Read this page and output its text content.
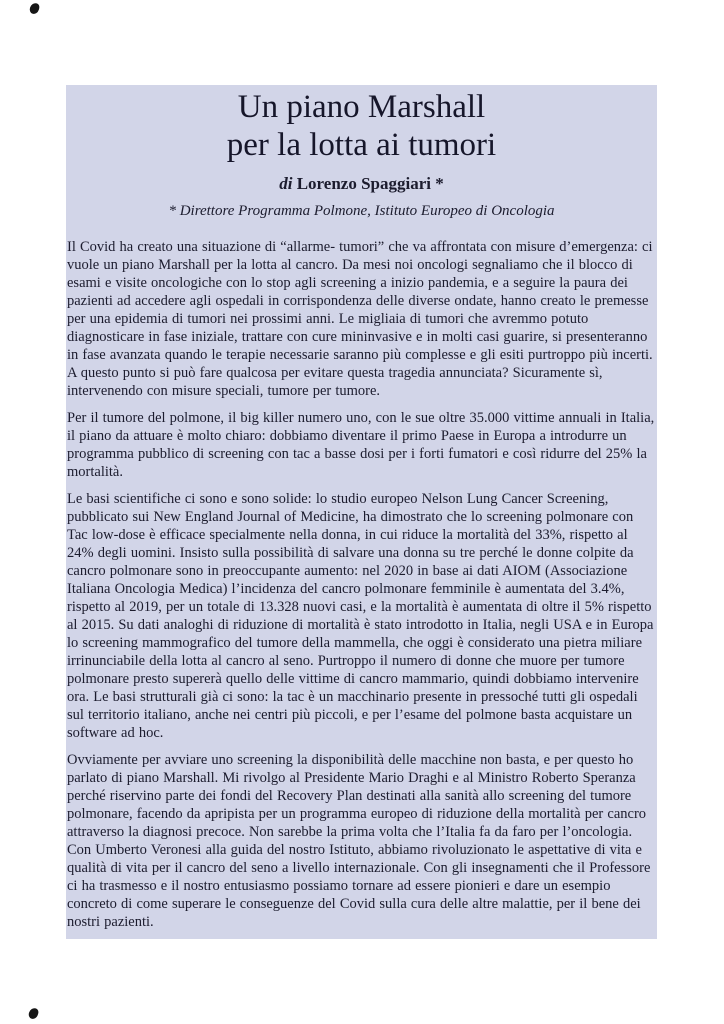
Un piano Marshall
per la lotta ai tumori
di Lorenzo Spaggiari *
* Direttore Programma Polmone, Istituto Europeo di Oncologia

Il Covid ha creato una situazione di “allarme- tumori” che va affrontata con misure d’emergenza: ci vuole un piano Marshall per la lotta al cancro. Da mesi noi oncologi segnaliamo che il blocco di esami e visite oncologiche con lo stop agli screening a inizio pandemia, e a seguire la paura dei pazienti ad accedere agli ospedali in corrispondenza delle diverse ondate, hanno creato le premesse per una epidemia di tumori nei prossimi anni. Le migliaia di tumori che avremmo potuto diagnosticare in fase iniziale, trattare con cure mininvasive e in molti casi guarire, si presenteranno in fase avanzata quando le terapie necessarie saranno più complesse e gli esiti purtroppo più incerti. A questo punto si può fare qualcosa per evitare questa tragedia annunciata? Sicuramente sì, intervenendo con misure speciali, tumore per tumore.

Per il tumore del polmone, il big killer numero uno, con le sue oltre 35.000 vittime annuali in Italia, il piano da attuare è molto chiaro: dobbiamo diventare il primo Paese in Europa a introdurre un programma pubblico di screening con tac a basse dosi per i forti fumatori e così ridurre del 25% la mortalità.

Le basi scientifiche ci sono e sono solide: lo studio europeo Nelson Lung Cancer Screening, pubblicato sui New England Journal of Medicine, ha dimostrato che lo screening polmonare con Tac low-dose è efficace specialmente nella donna, in cui riduce la mortalità del 33%, rispetto al 24% degli uomini. Insisto sulla possibilità di salvare una donna su tre perché le donne colpite da cancro polmonare sono in preoccupante aumento: nel 2020 in base ai dati AIOM (Associazione Italiana Oncologia Medica) l’incidenza del cancro polmonare femminile è aumentata del 3.4%, rispetto al 2019, per un totale di 13.328 nuovi casi, e la mortalità è aumentata di oltre il 5% rispetto al 2015. Su dati analoghi di riduzione di mortalità è stato introdotto in Italia, negli USA e in Europa lo screening mammografico del tumore della mammella, che oggi è considerato una pietra miliare irrinunciabile della lotta al cancro al seno. Purtroppo il numero di donne che muore per tumore polmonare presto supererà quello delle vittime di cancro mammario, quindi dobbiamo intervenire ora. Le basi strutturali già ci sono: la tac è un macchinario presente in pressoché tutti gli ospedali sul territorio italiano, anche nei centri più piccoli, e per l’esame del polmone basta acquistare un software ad hoc.

Ovviamente per avviare uno screening la disponibilità delle macchine non basta, e per questo ho parlato di piano Marshall. Mi rivolgo al Presidente Mario Draghi e al Ministro Roberto Speranza perché riservino parte dei fondi del Recovery Plan destinati alla sanità allo screening del tumore polmonare, facendo da apripista per un programma europeo di riduzione della mortalità per cancro attraverso la diagnosi precoce. Non sarebbe la prima volta che l’Italia fa da faro per l’oncologia. Con Umberto Veronesi alla guida del nostro Istituto, abbiamo rivoluzionato le aspettative di vita e qualità di vita per il cancro del seno a livello internazionale. Con gli insegnamenti che il Professore ci ha trasmesso e il nostro entusiasmo possiamo tornare ad essere pionieri e dare un esempio concreto di come superare le conseguenze del Covid sulla cura delle altre malattie, per il bene dei nostri pazienti.
